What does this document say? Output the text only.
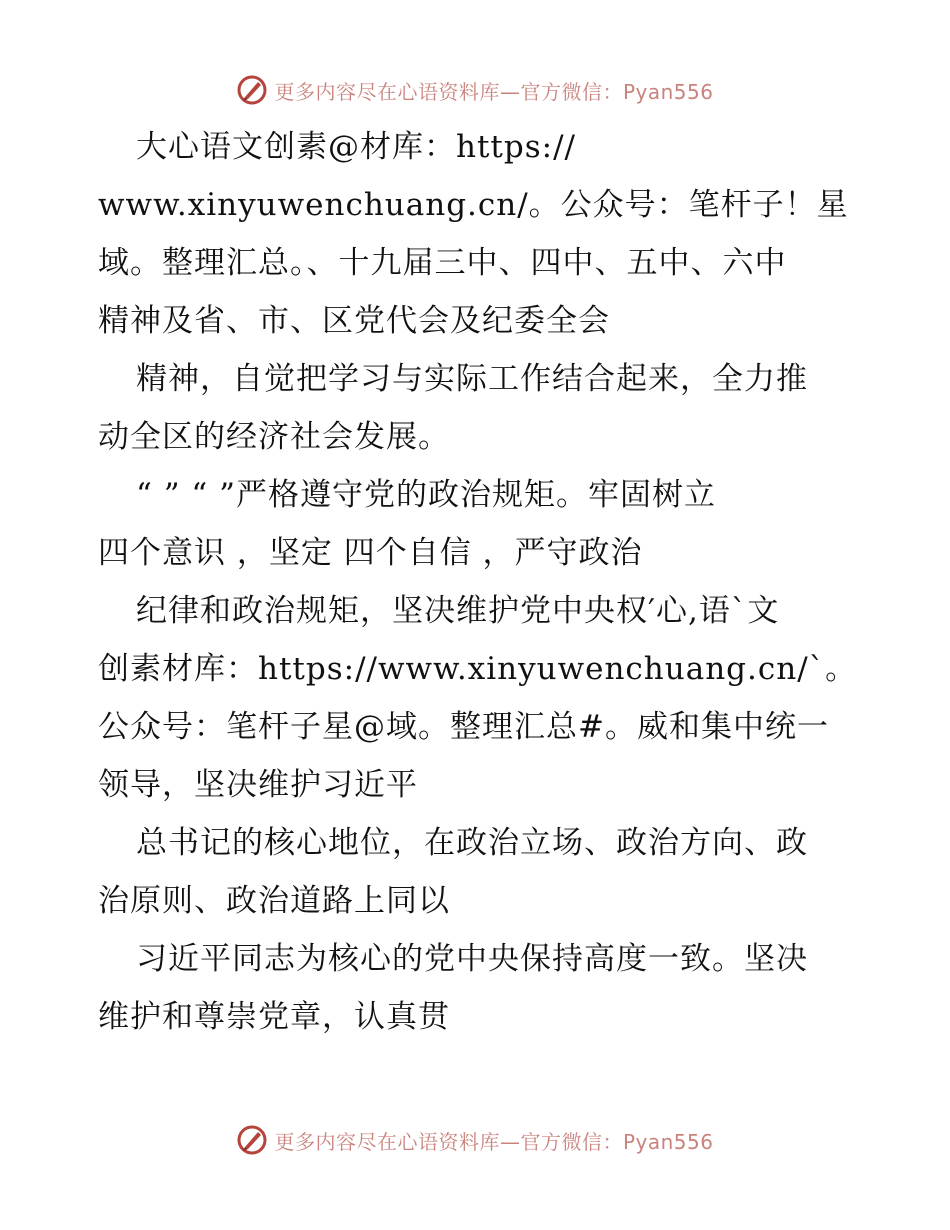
更多内容尽在心语资料库—官方微信：Pyan556
大心语文创素@材库：https://
www.xinyuwenchuang.cn/。公众号：笔杆子！星
域。整理汇总。、十九届三中、四中、五中、六中
精神及省、市、区党代会及纪委全会
精神，自觉把学习与实际工作结合起来，全力推
动全区的经济社会发展。
“ ” “ ”严格遵守党的政治规矩。牢固树立
四个意识 ，坚定 四个自信 ，严守政治
纪律和政治规矩，坚决维护党中央权′心,语`文
创素材库：https://www.xinyuwenchuang.cn/`。
公众号：笔杆子星@域。整理汇总#。威和集中统一
领导，坚决维护习近平
总书记的核心地位，在政治立场、政治方向、政
治原则、政治道路上同以
习近平同志为核心的党中央保持高度一致。坚决
维护和尊崇党章，认真贯
更多内容尽在心语资料库—官方微信：Pyan556
